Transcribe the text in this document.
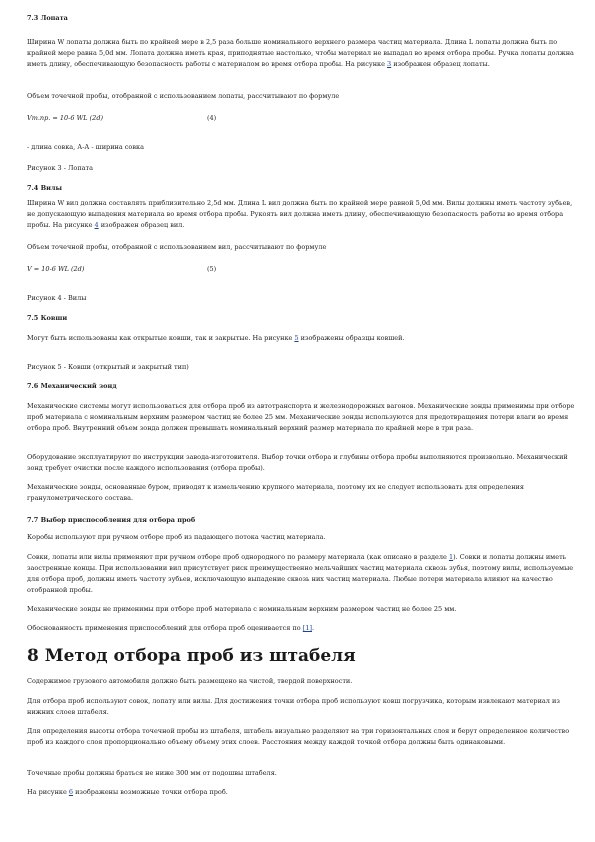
7.3 Лопата
Ширина W лопаты должна быть по крайней мере в 2,5 раза больше номинального верхнего размера частиц материала. Длина L лопаты должна быть по крайней мере равна 5,0d мм. Лопата должна иметь края, приподнятые настолько, чтобы материал не выпадал во время отбора пробы. Ручка лопаты должна иметь длину, обеспечивающую безопасность работы с материалом во время отбора пробы. На рисунке 3 изображен образец лопаты.
Объем точечной пробы, отобранной с использованием лопаты, рассчитывают по формуле
Vт.пр. = 10-6 WL (2d)	(4)
- длина совка, А-А - ширина совка
Рисунок 3 - Лопата
7.4 Вилы
Ширина W вил должна составлять приблизительно 2,5d мм. Длина L вил должна быть по крайней мере равной 5,0d мм. Вилы должны иметь частоту зубьев, не допускающую выпадения материала во время отбора пробы. Рукоять вил должна иметь длину, обеспечивающую безопасность работы во время отбора пробы. На рисунке 4 изображен образец вил.
Объем точечной пробы, отобранной с использованием вил, рассчитывают по формуле
V = 10-6 WL (2d)	(5)
Рисунок 4 - Вилы
7.5 Ковши
Могут быть использованы как открытые ковши, так и закрытые. На рисунке 5 изображены образцы ковшей.
Рисунок 5 - Ковши (открытый и закрытый тип)
7.6 Механический зонд
Механические системы могут использоваться для отбора проб из автотранспорта и железнодорожных вагонов. Механические зонды применимы при отборе проб материала с номинальным верхним размером частиц не более 25 мм. Механические зонды используются для предотвращения потери влаги во время отбора проб. Внутренний объем зонда должен превышать номинальный верхний размер материала по крайней мере в три раза.
Оборудование эксплуатируют по инструкции завода-изготовителя. Выбор точки отбора и глубины отбора пробы выполняются произвольно. Механический зонд требует очистки после каждого использования (отбора пробы).
Механические зонды, основанные буром, приводят к измельчению крупного материала, поэтому их не следует использовать для определения гранулометрического состава.
7.7 Выбор приспособления для отбора проб
Коробы используют при ручном отборе проб из падающего потока частиц материала.
Совки, лопаты или вилы применяют при ручном отборе проб однородного по размеру материала (как описано в разделе 1). Совки и лопаты должны иметь заостренные концы. При использовании вил присутствует риск преимущественно мельчайших частиц материала сквозь зубья, поэтому вилы, используемые для отбора проб, должны иметь частоту зубьев, исключающую выпадение сквозь них частиц материала. Любые потери материала влияют на качество отобранной пробы.
Механические зонды не применимы при отборе проб материала с номинальным верхним размером частиц не более 25 мм.
Обоснованность применения приспособлений для отбора проб оценивается по [1].
8 Метод отбора проб из штабеля
Содержимое грузового автомобиля должно быть размещено на чистой, твердой поверхности.
Для отбора проб используют совок, лопату или вилы. Для достижения точки отбора проб используют ковш погрузчика, которым извлекают материал из нижних слоев штабеля.
Для определения высоты отбора точечной пробы из штабеля, штабель визуально разделяют на три горизонтальных слоя и берут определенное количество проб из каждого слоя пропорционально объему объему этих слоев. Расстояния между каждой точкой отбора должны быть одинаковыми.
Точечные пробы должны браться не ниже 300 мм от подошвы штабеля.
На рисунке 6 изображены возможные точки отбора проб.
